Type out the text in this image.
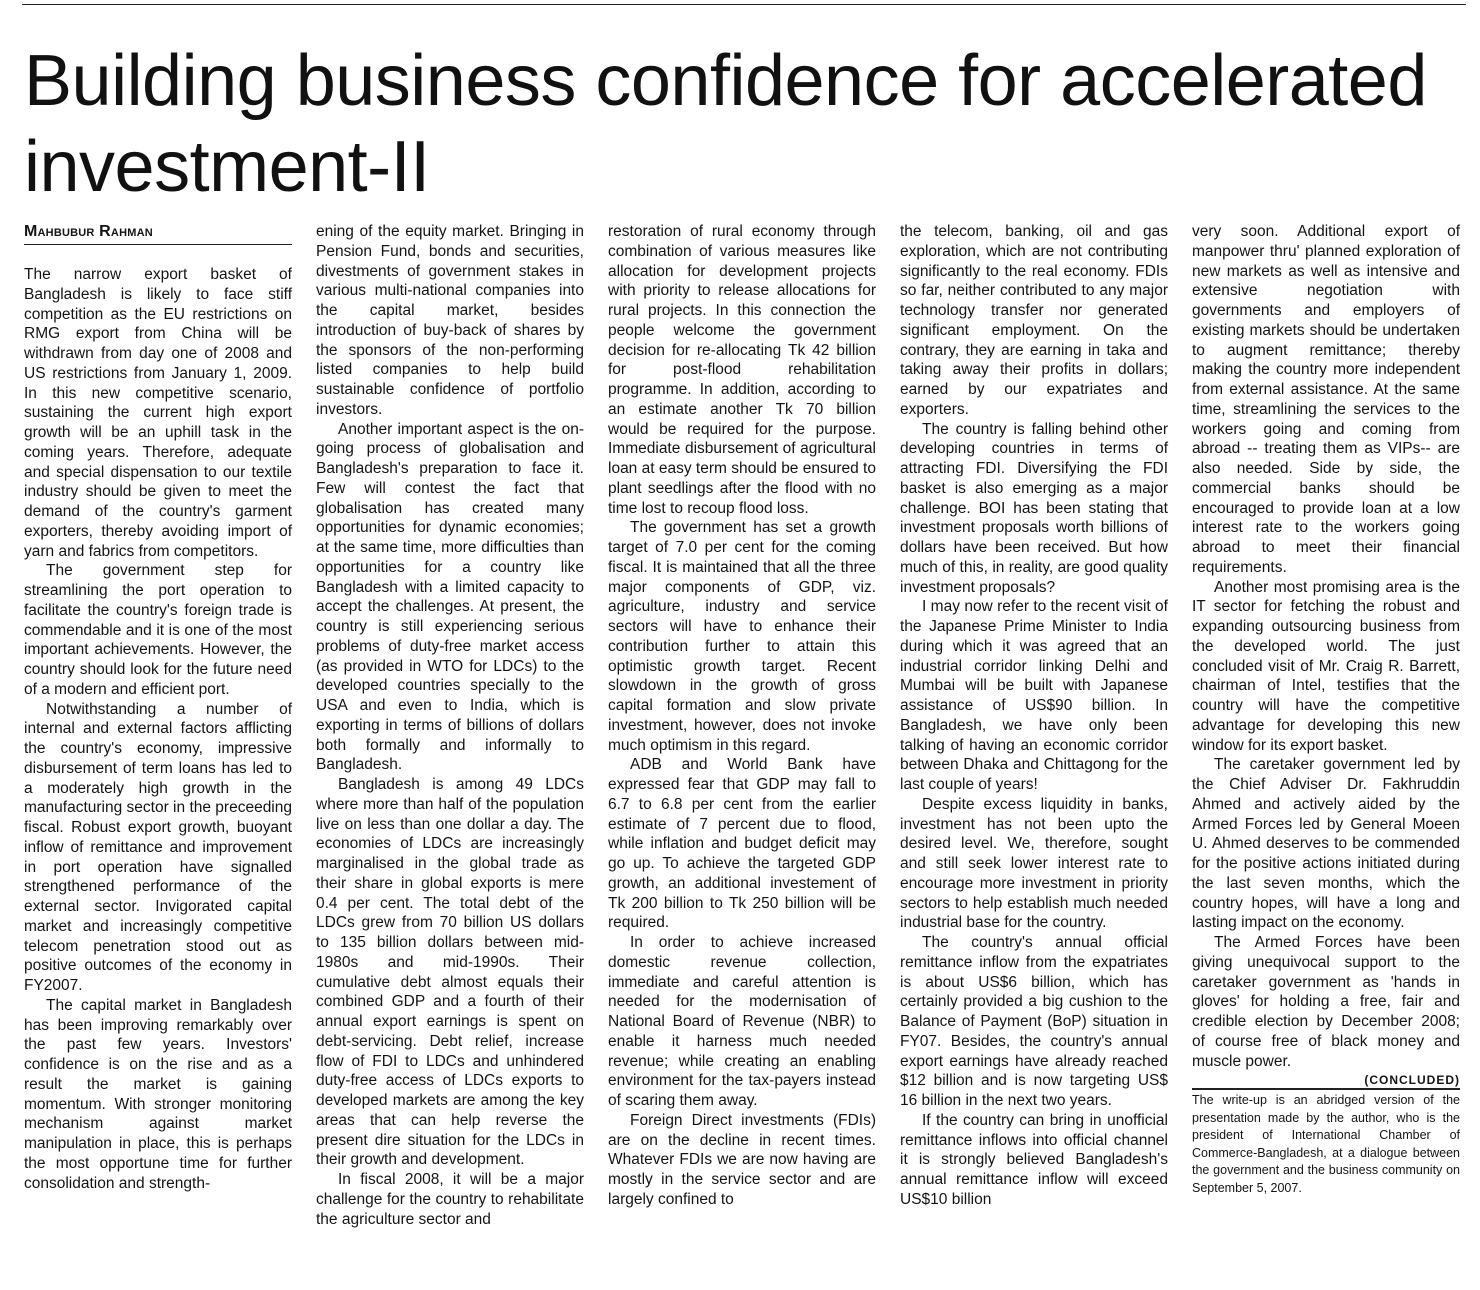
Building business confidence for accelerated investment-II
Mahbubur Rahman

The narrow export basket of Bangladesh is likely to face stiff competition as the EU restrictions on RMG export from China will be withdrawn from day one of 2008 and US restrictions from January 1, 2009. In this new competitive scenario, sustaining the current high export growth will be an uphill task in the coming years. Therefore, adequate and special dispensation to our textile industry should be given to meet the demand of the country's garment exporters, thereby avoiding import of yarn and fabrics from competitors.

The government step for streamlining the port operation to facilitate the country's foreign trade is commendable and it is one of the most important achievements. However, the country should look for the future need of a modern and efficient port.

Notwithstanding a number of internal and external factors afflicting the country's economy, impressive disbursement of term loans has led to a moderately high growth in the manufacturing sector in the preceeding fiscal. Robust export growth, buoyant inflow of remittance and improvement in port operation have signalled strengthened performance of the external sector. Invigorated capital market and increasingly competitive telecom penetration stood out as positive outcomes of the economy in FY2007.

The capital market in Bangladesh has been improving remarkably over the past few years. Investors' confidence is on the rise and as a result the market is gaining momentum. With stronger monitoring mechanism against market manipulation in place, this is perhaps the most opportune time for further consolidation and strength-

ening of the equity market. Bringing in Pension Fund, bonds and securities, divestments of government stakes in various multi-national companies into the capital market, besides introduction of buy-back of shares by the sponsors of the non-performing listed companies to help build sustainable confidence of portfolio investors.

Another important aspect is the on-going process of globalisation and Bangladesh's preparation to face it. Few will contest the fact that globalisation has created many opportunities for dynamic economies; at the same time, more difficulties than opportunities for a country like Bangladesh with a limited capacity to accept the challenges. At present, the country is still experiencing serious problems of duty-free market access (as provided in WTO for LDCs) to the developed countries specially to the USA and even to India, which is exporting in terms of billions of dollars both formally and informally to Bangladesh.

Bangladesh is among 49 LDCs where more than half of the population live on less than one dollar a day. The economies of LDCs are increasingly marginalised in the global trade as their share in global exports is mere 0.4 per cent. The total debt of the LDCs grew from 70 billion US dollars to 135 billion dollars between mid-1980s and mid-1990s. Their cumulative debt almost equals their combined GDP and a fourth of their annual export earnings is spent on debt-servicing. Debt relief, increase flow of FDI to LDCs and unhindered duty-free access of LDCs exports to developed markets are among the key areas that can help reverse the present dire situation for the LDCs in their growth and development.

In fiscal 2008, it will be a major challenge for the country to rehabilitate the agriculture sector and

restoration of rural economy through combination of various measures like allocation for development projects with priority to release allocations for rural projects. In this connection the people welcome the government decision for re-allocating Tk 42 billion for post-flood rehabilitation programme. In addition, according to an estimate another Tk 70 billion would be required for the purpose. Immediate disbursement of agricultural loan at easy term should be ensured to plant seedlings after the flood with no time lost to recoup flood loss.

The government has set a growth target of 7.0 per cent for the coming fiscal. It is maintained that all the three major components of GDP, viz. agriculture, industry and service sectors will have to enhance their contribution further to attain this optimistic growth target. Recent slowdown in the growth of gross capital formation and slow private investment, however, does not invoke much optimism in this regard.

ADB and World Bank have expressed fear that GDP may fall to 6.7 to 6.8 per cent from the earlier estimate of 7 percent due to flood, while inflation and budget deficit may go up. To achieve the targeted GDP growth, an additional investement of Tk 200 billion to Tk 250 billion will be required.

In order to achieve increased domestic revenue collection, immediate and careful attention is needed for the modernisation of National Board of Revenue (NBR) to enable it harness much needed revenue; while creating an enabling environment for the tax-payers instead of scaring them away.

Foreign Direct investments (FDIs) are on the decline in recent times. Whatever FDIs we are now having are mostly in the service sector and are largely confined to

the telecom, banking, oil and gas exploration, which are not contributing significantly to the real economy. FDIs so far, neither contributed to any major technology transfer nor generated significant employment. On the contrary, they are earning in taka and taking away their profits in dollars; earned by our expatriates and exporters.

The country is falling behind other developing countries in terms of attracting FDI. Diversifying the FDI basket is also emerging as a major challenge. BOI has been stating that investment proposals worth billions of dollars have been received. But how much of this, in reality, are good quality investment proposals?

I may now refer to the recent visit of the Japanese Prime Minister to India during which it was agreed that an industrial corridor linking Delhi and Mumbai will be built with Japanese assistance of US$90 billion. In Bangladesh, we have only been talking of having an economic corridor between Dhaka and Chittagong for the last couple of years!

Despite excess liquidity in banks, investment has not been upto the desired level. We, therefore, sought and still seek lower interest rate to encourage more investment in priority sectors to help establish much needed industrial base for the country.

The country's annual official remittance inflow from the expatriates is about US$6 billion, which has certainly provided a big cushion to the Balance of Payment (BoP) situation in FY07. Besides, the country's annual export earnings have already reached $12 billion and is now targeting US$ 16 billion in the next two years.

If the country can bring in unofficial remittance inflows into official channel it is strongly believed Bangladesh's annual remittance inflow will exceed US$10 billion

very soon. Additional export of manpower thru' planned exploration of new markets as well as intensive and extensive negotiation with governments and employers of existing markets should be undertaken to augment remittance; thereby making the country more independent from external assistance. At the same time, streamlining the services to the workers going and coming from abroad -- treating them as VIPs-- are also needed. Side by side, the commercial banks should be encouraged to provide loan at a low interest rate to the workers going abroad to meet their financial requirements.

Another most promising area is the IT sector for fetching the robust and expanding outsourcing business from the developed world. The just concluded visit of Mr. Craig R. Barrett, chairman of Intel, testifies that the country will have the competitive advantage for developing this new window for its export basket.

The caretaker government led by the Chief Adviser Dr. Fakhruddin Ahmed and actively aided by the Armed Forces led by General Moeen U. Ahmed deserves to be commended for the positive actions initiated during the last seven months, which the country hopes, will have a long and lasting impact on the economy.

The Armed Forces have been giving unequivocal support to the caretaker government as 'hands in gloves' for holding a free, fair and credible election by December 2008; of course free of black money and muscle power.

(CONCLUDED)
The write-up is an abridged version of the presentation made by the author, who is the president of International Chamber of Commerce-Bangladesh, at a dialogue between the government and the business community on September 5, 2007.
